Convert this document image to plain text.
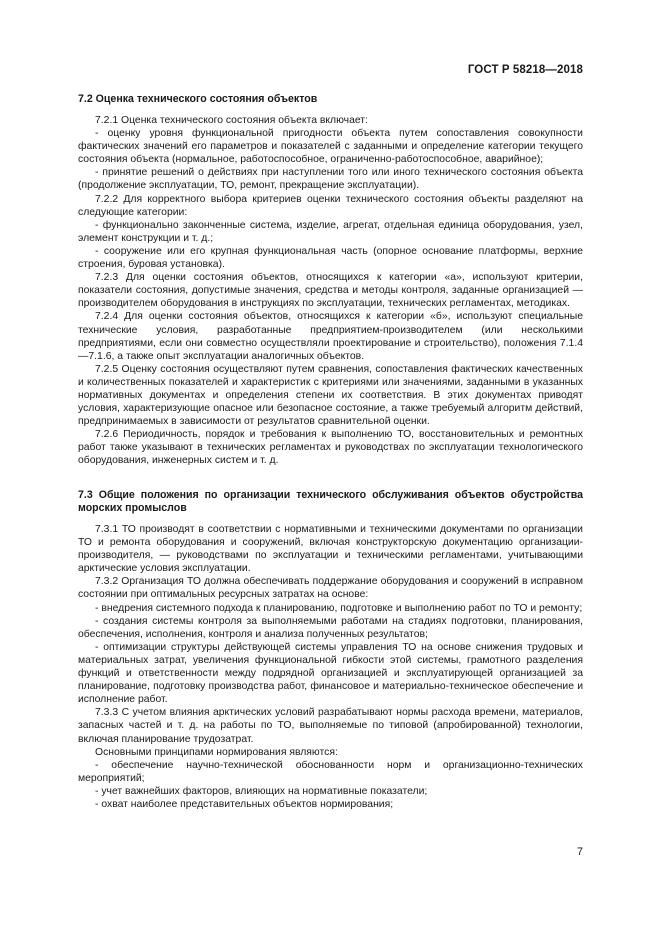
ГОСТ Р 58218—2018
7.2 Оценка технического состояния объектов

7.2.1 Оценка технического состояния объекта включает:

- оценку уровня функциональной пригодности объекта путем сопоставления совокупности фактических значений его параметров и показателей с заданными и определение категории текущего состояния объекта (нормальное, работоспособное, ограниченно-работоспособное, аварийное);

- принятие решений о действиях при наступлении того или иного технического состояния объекта (продолжение эксплуатации, ТО, ремонт, прекращение эксплуатации).

7.2.2 Для корректного выбора критериев оценки технического состояния объекты разделяют на следующие категории:

- функционально законченные система, изделие, агрегат, отдельная единица оборудования, узел, элемент конструкции и т. д.;

- сооружение или его крупная функциональная часть (опорное основание платформы, верхние строения, буровая установка).

7.2.3 Для оценки состояния объектов, относящихся к категории «а», используют критерии, показатели состояния, допустимые значения, средства и методы контроля, заданные организацией — производителем оборудования в инструкциях по эксплуатации, технических регламентах, методиках.

7.2.4 Для оценки состояния объектов, относящихся к категории «б», используют специальные технические условия, разработанные предприятием-производителем (или несколькими предприятиями, если они совместно осуществляли проектирование и строительство), положения 7.1.4—7.1.6, а также опыт эксплуатации аналогичных объектов.

7.2.5 Оценку состояния осуществляют путем сравнения, сопоставления фактических качественных и количественных показателей и характеристик с критериями или значениями, заданными в указанных нормативных документах и определения степени их соответствия. В этих документах приводят условия, характеризующие опасное или безопасное состояние, а также требуемый алгоритм действий, предпринимаемых в зависимости от результатов сравнительной оценки.

7.2.6 Периодичность, порядок и требования к выполнению ТО, восстановительных и ремонтных работ также указывают в технических регламентах и руководствах по эксплуатации технологического оборудования, инженерных систем и т. д.

7.3 Общие положения по организации технического обслуживания объектов обустройства морских промыслов

7.3.1 ТО производят в соответствии с нормативными и техническими документами по организации ТО и ремонта оборудования и сооружений, включая конструкторскую документацию организации-производителя, — руководствами по эксплуатации и техническими регламентами, учитывающими арктические условия эксплуатации.

7.3.2 Организация ТО должна обеспечивать поддержание оборудования и сооружений в исправном состоянии при оптимальных ресурсных затратах на основе:

- внедрения системного подхода к планированию, подготовке и выполнению работ по ТО и ремонту;

- создания системы контроля за выполняемыми работами на стадиях подготовки, планирования, обеспечения, исполнения, контроля и анализа полученных результатов;

- оптимизации структуры действующей системы управления ТО на основе снижения трудовых и материальных затрат, увеличения функциональной гибкости этой системы, грамотного разделения функций и ответственности между подрядной организацией и эксплуатирующей организацией за планирование, подготовку производства работ, финансовое и материально-техническое обеспечение и исполнение работ.

7.3.3 С учетом влияния арктических условий разрабатывают нормы расхода времени, материалов, запасных частей и т. д. на работы по ТО, выполняемые по типовой (апробированной) технологии, включая планирование трудозатрат.

Основными принципами нормирования являются:

- обеспечение научно-технической обоснованности норм и организационно-технических мероприятий;

- учет важнейших факторов, влияющих на нормативные показатели;

- охват наиболее представительных объектов нормирования;

7
